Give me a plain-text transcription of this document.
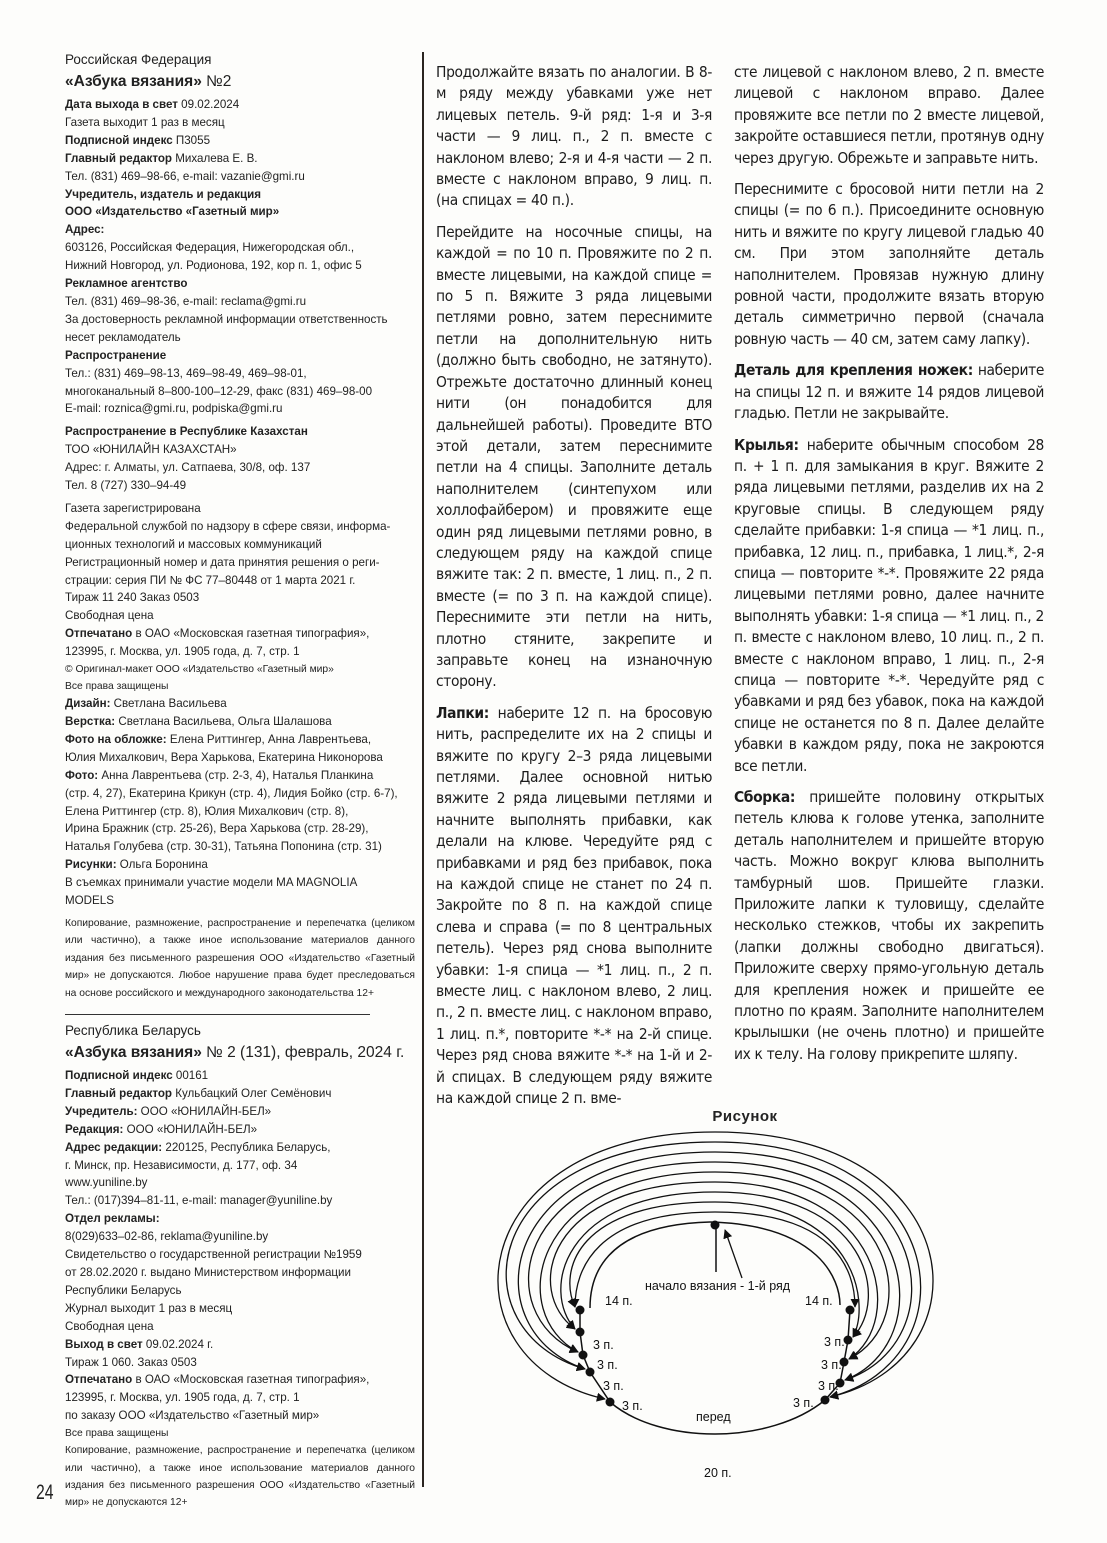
Российская Федерация
«Азбука вязания» №2
Дата выхода в свет 09.02.2024
Газета выходит 1 раз в месяц
Подписной индекс П3055
Главный редактор Михалева Е. В.
Тел. (831) 469–98-66, e-mail: vazanie@gmi.ru
Учредитель, издатель и редакция
ООО «Издательство «Газетный мир»
Адрес:
603126, Российская Федерация, Нижегородская обл.,
Нижний Новгород, ул. Родионова, 192, кор п. 1, офис 5
Рекламное агентство
Тел. (831) 469–98-36, e-mail: reclama@gmi.ru
За достоверность рекламной информации ответственность
несет рекламодатель
Распространение
Тел.: (831) 469–98-13, 469–98-49, 469–98-01,
многоканальный 8–800-100–12-29, факс (831) 469–98-00
E-mail: roznica@gmi.ru, podpiska@gmi.ru
Распространение в Республике Казахстан
ТОО «ЮНИЛАЙН КАЗАХСТАН»
Адрес: г. Алматы, ул. Сатпаева, 30/8, оф. 137
Тел. 8 (727) 330–94-49
Газета зарегистрирована
Федеральной службой по надзору в сфере связи, информа-
ционных технологий и массовых коммуникаций
Регистрационный номер и дата принятия решения о реги-
страции: серия ПИ № ФС 77–80448 от 1 марта 2021 г.
Тираж 11 240 Заказ 0503
Свободная цена
Отпечатано в ОАО «Московская газетная типография»,
123995, г. Москва, ул. 1905 года, д. 7, стр. 1
© Оригинал-макет ООО «Издательство «Газетный мир»
Все права защищены
Дизайн: Светлана Васильева
Верстка: Светлана Васильева, Ольга Шалашова
Фото на обложке: Елена Риттингер, Анна Лаврентьева,
Юлия Михалкович, Вера Харькова, Екатерина Никонорова
Фото: Анна Лаврентьева (стр. 2-3, 4), Наталья Планкина
(стр. 4, 27), Екатерина Крикун (стр. 4), Лидия Бойко (стр. 6-7),
Елена Риттингер (стр. 8), Юлия Михалкович (стр. 8),
Ирина Бражник (стр. 25-26), Вера Харькова (стр. 28-29),
Наталья Голубева (стр. 30-31), Татьяна Попонина (стр. 31)
Рисунки: Ольга Боронина
В съемках принимали участие модели MA MAGNOLIA
MODELS
Копирование, размножение, распространение и перепечатка (целиком или частично), а также иное использование материалов данного издания без письменного разрешения ООО «Издательство «Газетный мир» не допускаются. Любое нарушение права будет преследоваться на основе российского и международного законодательства 12+
Республика Беларусь
«Азбука вязания» № 2 (131), февраль, 2024 г.
Подписной индекс 00161
Главный редактор Кульбацкий Олег Семёнович
Учредитель: ООО «ЮНИЛАЙН-БЕЛ»
Редакция: ООО «ЮНИЛАЙН-БЕЛ»
Адрес редакции: 220125, Республика Беларусь,
г. Минск, пр. Независимости, д. 177, оф. 34
www.yuniline.by
Тел.: (017)394–81-11, e-mail: manager@yuniline.by
Отдел рекламы:
8(029)633–02-86, reklama@yuniline.by
Свидетельство о государственной регистрации №1959
от 28.02.2020 г. выдано Министерством информации
Республики Беларусь
Журнал выходит 1 раз в месяц
Свободная цена
Выход в свет 09.02.2024 г.
Тираж 1 060. Заказ 0503
Отпечатано в ОАО «Московская газетная типография»,
123995, г. Москва, ул. 1905 года, д. 7, стр. 1
по заказу ООО «Издательство «Газетный мир»
Все права защищены
Копирование, размножение, распространение и перепечатка (целиком или частично), а также иное использование материалов данного издания без письменного разрешения ООО «Издательство «Газетный мир» не допускаются 12+

Продолжайте вязать по аналогии. В 8-м ряду между убавками уже нет лицевых петель. 9-й ряд: 1-я и 3-я части — 9 лиц. п., 2 п. вместе с наклоном влево; 2-я и 4-я части — 2 п. вместе с наклоном вправо, 9 лиц. п. (на спицах = 40 п.).

Перейдите на носочные спицы, на каждой = по 10 п. Провяжите по 2 п. вместе лицевыми, на каждой спице = по 5 п. Вяжите 3 ряда лицевыми петлями ровно, затем переснимите петли на дополнительную нить (должно быть свободно, не затянуто). Отрежьте достаточно длинный конец нити (он понадобится для дальнейшей работы). Проведите ВТО этой детали, затем переснимите петли на 4 спицы. Заполните деталь наполнителем (синтепухом или холлофайбером) и провяжите еще один ряд лицевыми петлями ровно, в следующем ряду на каждой спице вяжите так: 2 п. вместе, 1 лиц. п., 2 п. вместе (= по 3 п. на каждой спице). Переснимите эти петли на нить, плотно стяните, закрепите и заправьте конец на изнаночную сторону.

Лапки: наберите 12 п. на бросовую нить, распределите их на 2 спицы и вяжите по кругу 2–3 ряда лицевыми петлями. Далее основной нитью вяжите 2 ряда лицевыми петлями и начните выполнять прибавки, как делали на клюве. Чередуйте ряд с прибавками и ряд без прибавок, пока на каждой спице не станет по 24 п. Закройте по 8 п. на каждой спице слева и справа (= по 8 центральных петель). Через ряд снова выполните убавки: 1-я спица — *1 лиц. п., 2 п. вместе лиц. с наклоном влево, 2 лиц. п., 2 п. вместе лиц. с наклоном вправо, 1 лиц. п.*, повторите *-* на 2-й спице. Через ряд снова вяжите *-* на 1-й и 2-й спицах. В следующем ряду вяжите на каждой спице 2 п. вме-

сте лицевой с наклоном влево, 2 п. вместе лицевой с наклоном вправо. Далее провяжите все петли по 2 вместе лицевой, закройте оставшиеся петли, протянув одну через другую. Обрежьте и заправьте нить.

Переснимите с бросовой нити петли на 2 спицы (= по 6 п.). Присоедините основную нить и вяжите по кругу лицевой гладью 40 см. При этом заполняйте деталь наполнителем. Провязав нужную длину ровной части, продолжите вязать вторую деталь симметрично первой (сначала ровную часть — 40 см, затем саму лапку).

Деталь для крепления ножек: наберите на спицы 12 п. и вяжите 14 рядов лицевой гладью. Петли не закрывайте.

Крылья: наберите обычным способом 28 п. + 1 п. для замыкания в круг. Вяжите 2 ряда лицевыми петлями, разделив их на 2 круговые спицы. В следующем ряду сделайте прибавки: 1-я спица — *1 лиц. п., прибавка, 12 лиц. п., прибавка, 1 лиц.*, 2-я спица — повторите *-*. Провяжите 22 ряда лицевыми петлями ровно, далее начните выполнять убавки: 1-я спица — *1 лиц. п., 2 п. вместе с наклоном влево, 10 лиц. п., 2 п. вместе с наклоном вправо, 1 лиц. п., 2-я спица — повторите *-*. Чередуйте ряд с убавками и ряд без убавок, пока на каждой спице не останется по 8 п. Далее делайте убавки в каждом ряду, пока не закроются все петли.

Сборка: пришейте половину открытых петель клюва к голове утенка, заполните деталь наполнителем и пришейте вторую часть. Можно вокруг клюва выполнить тамбурный шов. Пришейте глазки. Приложите лапки к туловищу, сделайте несколько стежков, чтобы их закрепить (лапки должны свободно двигаться). Приложите сверху прямо-угольную деталь для крепления ножек и пришейте ее плотно по краям. Заполните наполнителем крылышки (не очень плотно) и пришейте их к телу. На голову прикрепите шляпу.

Рисунок
начало вязания - 1-й ряд
14 п.	14 п.
перед
20 п.
3 п.	3 п.
3 п.	3 п.
3 п.	3 п.
3 п.	3 п.
24
